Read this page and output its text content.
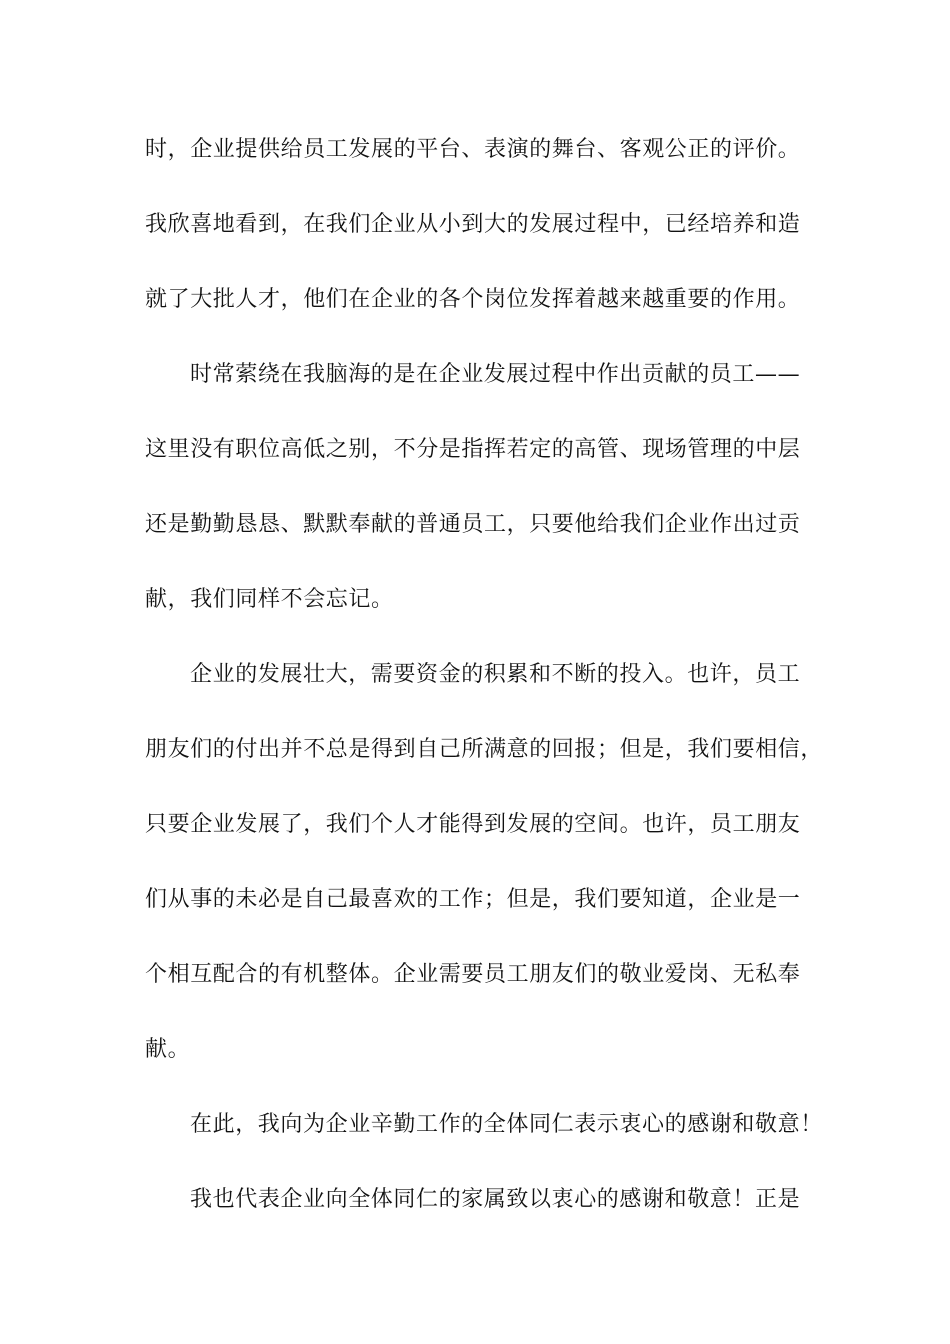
时，企业提供给员工发展的平台、表演的舞台、客观公正的评价。
我欣喜地看到，在我们企业从小到大的发展过程中，已经培养和造
就了大批人才，他们在企业的各个岗位发挥着越来越重要的作用。
时常萦绕在我脑海的是在企业发展过程中作出贡献的员工——
这里没有职位高低之别，不分是指挥若定的高管、现场管理的中层
还是勤勤恳恳、默默奉献的普通员工，只要他给我们企业作出过贡
献，我们同样不会忘记。
企业的发展壮大，需要资金的积累和不断的投入。也许，员工
朋友们的付出并不总是得到自己所满意的回报；但是，我们要相信，
只要企业发展了，我们个人才能得到发展的空间。也许，员工朋友
们从事的未必是自己最喜欢的工作；但是，我们要知道，企业是一
个相互配合的有机整体。企业需要员工朋友们的敬业爱岗、无私奉
献。
在此，我向为企业辛勤工作的全体同仁表示衷心的感谢和敬意！
我也代表企业向全体同仁的家属致以衷心的感谢和敬意！正是
